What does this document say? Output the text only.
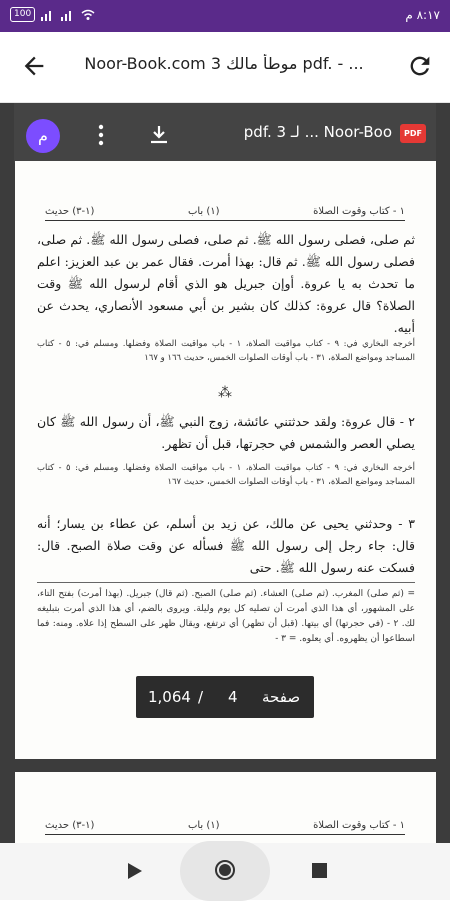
100	٨:١٧ م
Noor-Book.com 3 موطأ مالك pdf. - ...
م	pdf. 3 لـ ... Noor-Boo	PDF
١ - كتاب وقوت الصلاة
(١) باب
(١-٣) حديث
ثم صلى، فصلى رسول الله ﷺ. ثم صلى، فصلى رسول الله ﷺ. ثم صلى، فصلى رسول الله ﷺ. ثم قال: بهذا أمرت. فقال عمر بن عبد العزيز: اعلم ما تحدث به يا عروة. أوإن جبريل هو الذي أقام لرسول الله ﷺ وقت الصلاة؟ قال عروة: كذلك كان بشير بن أبي مسعود الأنصاري، يحدث عن أبيه.
أخرجه البخاري في: ٩ - كتاب مواقيت الصلاة، ١ - باب مواقيت الصلاة وفضلها. ومسلم في: ٥ - كتاب المساجد ومواضع الصلاة، ٣١ - باب أوقات الصلوات الخمس، حديث ١٦٦ و ١٦٧
⁂
٢ - قال عروة: ولقد حدثتني عائشة، زوج النبي ﷺ، أن رسول الله ﷺ كان يصلي العصر والشمس في حجرتها، قبل أن تظهر.
أخرجه البخاري في: ٩ - كتاب مواقيت الصلاة، ١ - باب مواقيت الصلاة وفضلها. ومسلم في: ٥ - كتاب المساجد ومواضع الصلاة، ٣١ - باب أوقات الصلوات الخمس، حديث ١٦٧
٣ - وحدثني يحيى عن مالك، عن زيد بن أسلم، عن عطاء بن يسار؛ أنه قال: جاء رجل إلى رسول الله ﷺ فسأله عن وقت صلاة الصبح. قال: فسكت عنه رسول الله ﷺ. حتى
= (ثم صلى) المغرب. (ثم صلى) العشاء. (ثم صلى) الصبح. (ثم قال) جبريل. (بهذا أمرت) بفتح التاء، على المشهور، أي هذا الذي أمرت أن تصليه كل يوم وليلة. ويروى بالضم، أي هذا الذي أمرت بتبليغه لك. ٢ - (في حجرتها) أي بيتها. (قبل أن تظهر) أي ترتفع، ويقال ظهر على السطح إذا علاه. ومنه: فما اسطاعوا أن يظهروه. أي يعلوه. = ٣ -
١ - كتاب وقوت الصلاة
(١) باب
(١-٣) حديث
1,064 / 4 صفحة
